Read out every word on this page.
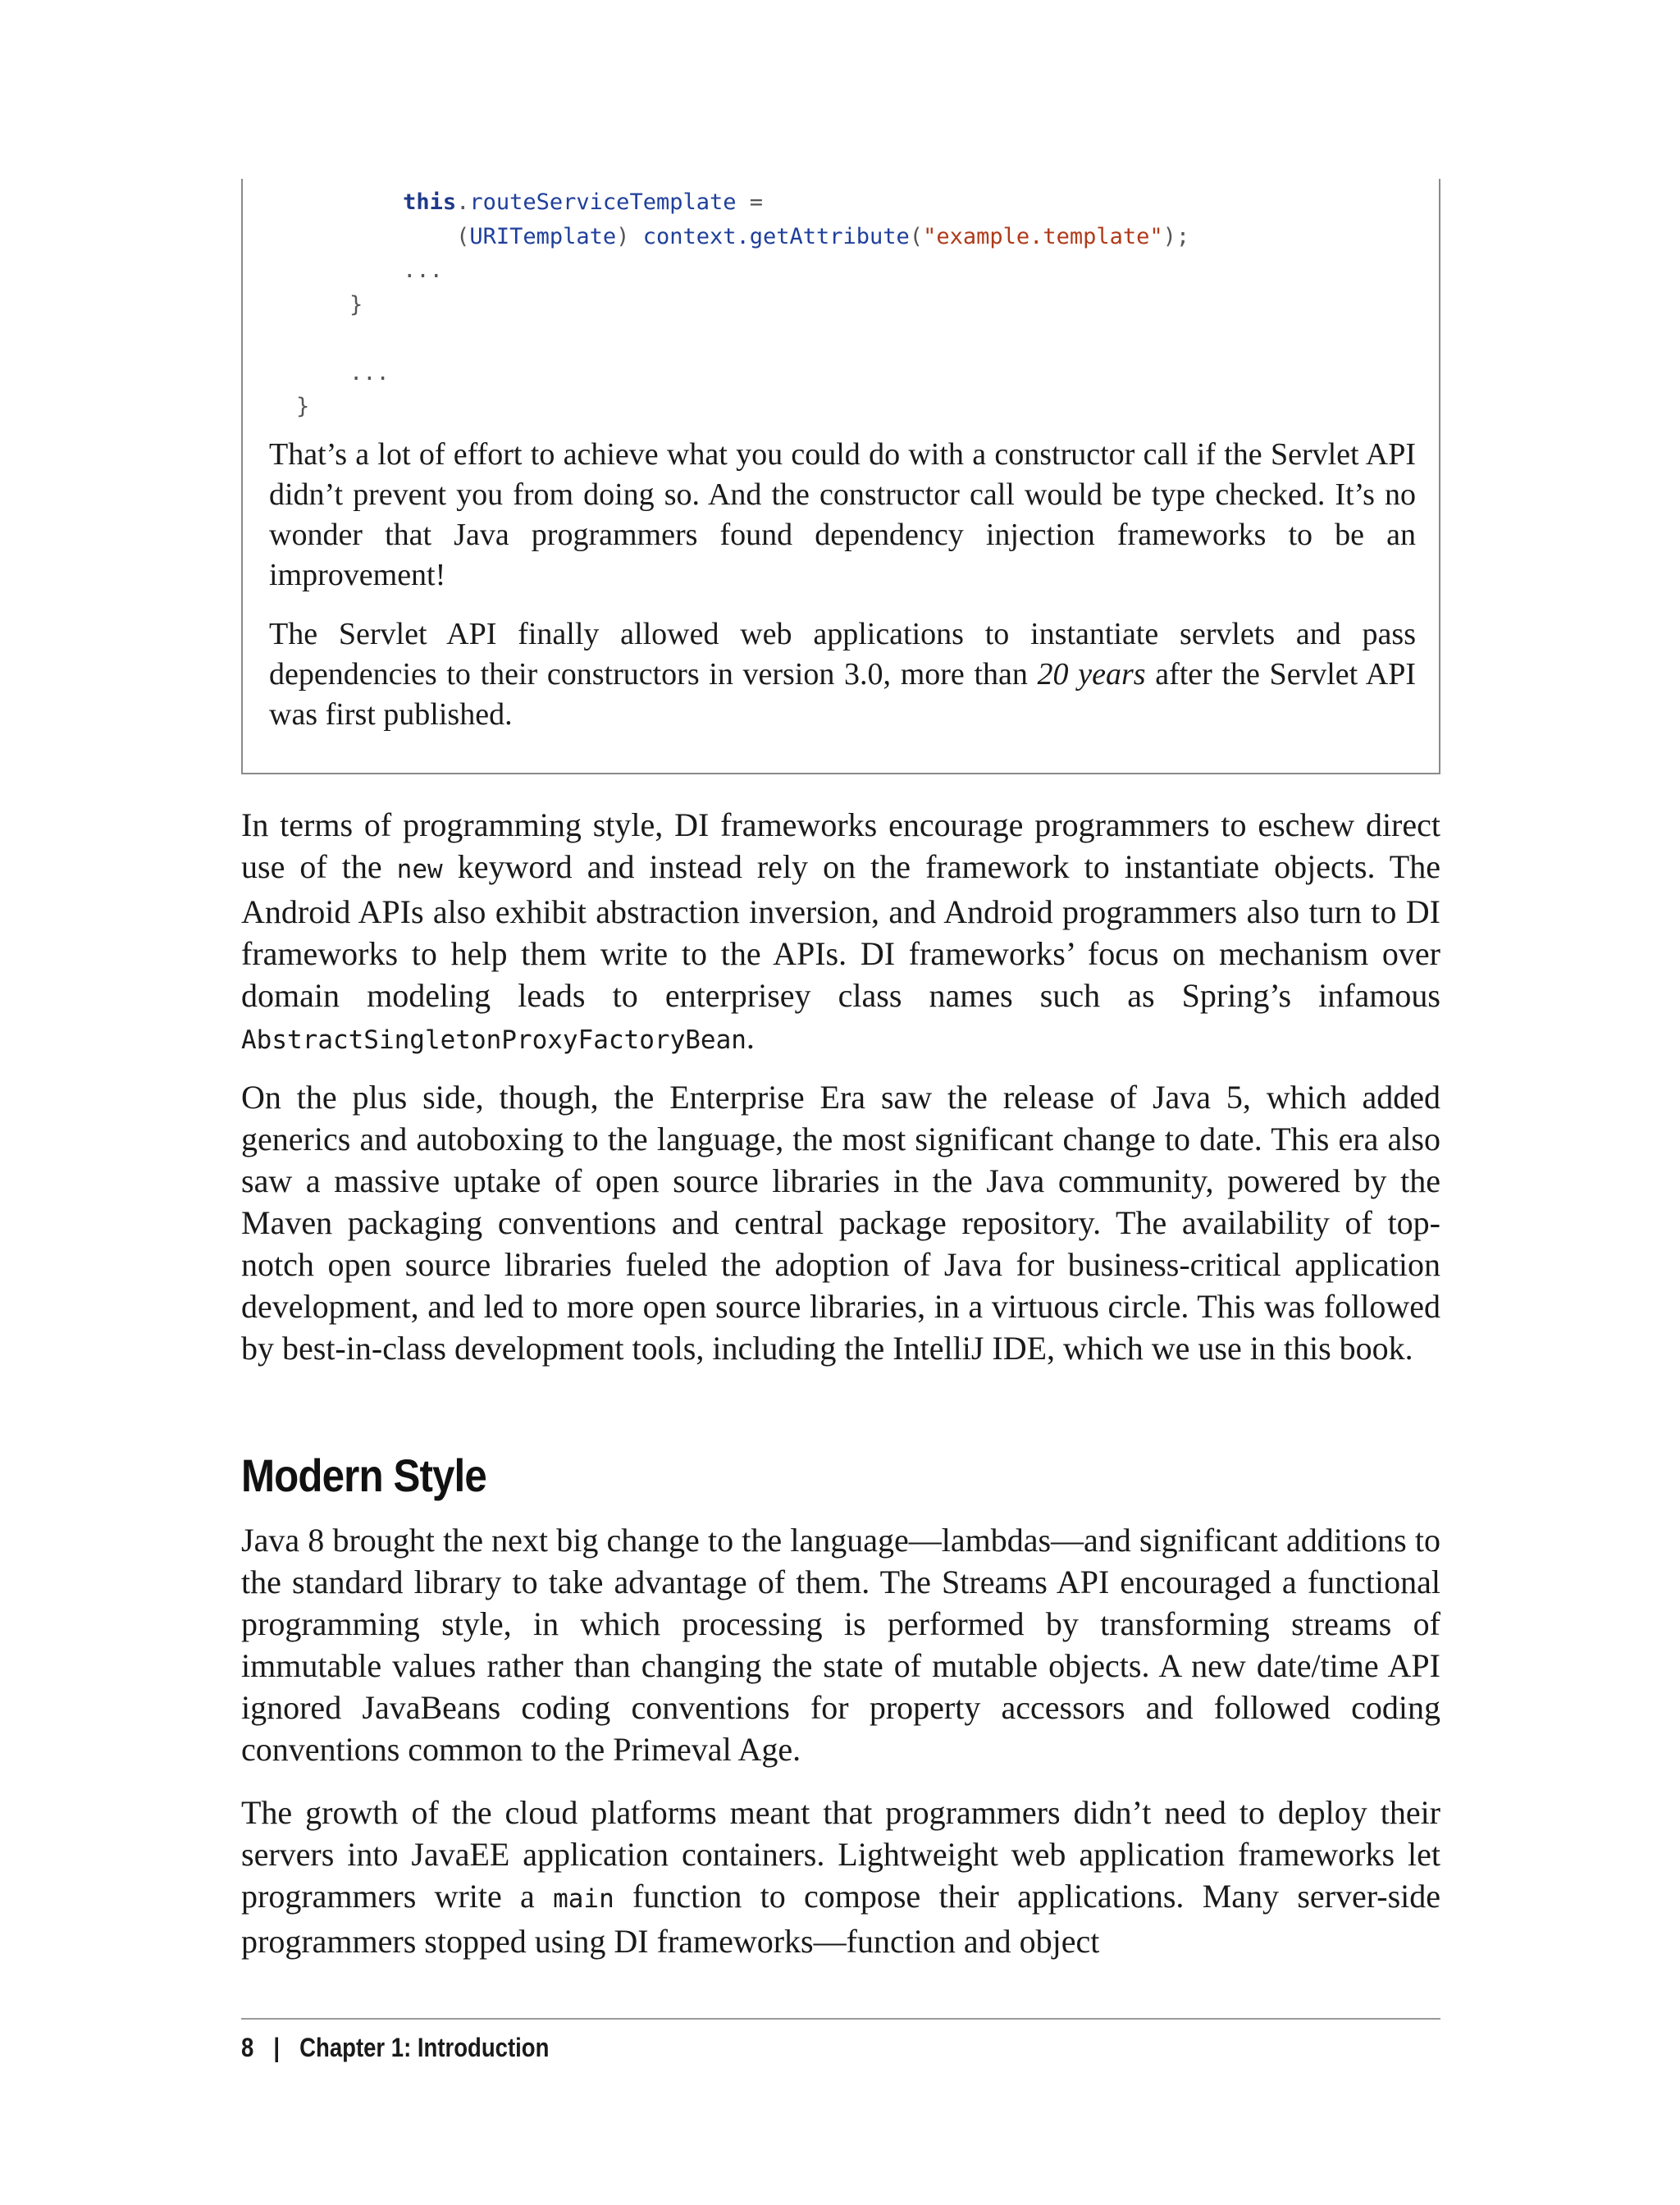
this.routeServiceTemplate =
(URITemplate) context.getAttribute("example.template");
...
}
...
}

That’s a lot of effort to achieve what you could do with a constructor call if the Servlet API didn’t prevent you from doing so. And the constructor call would be type checked. It’s no wonder that Java programmers found dependency injection frameworks to be an improvement!

The Servlet API finally allowed web applications to instantiate servlets and pass dependencies to their constructors in version 3.0, more than 20 years after the Servlet API was first published.

In terms of programming style, DI frameworks encourage programmers to eschew direct use of the new keyword and instead rely on the framework to instantiate objects. The Android APIs also exhibit abstraction inversion, and Android programmers also turn to DI frameworks to help them write to the APIs. DI frameworks’ focus on mechanism over domain modeling leads to enterprisey class names such as Spring’s infamous AbstractSingletonProxyFactoryBean.

On the plus side, though, the Enterprise Era saw the release of Java 5, which added generics and autoboxing to the language, the most significant change to date. This era also saw a massive uptake of open source libraries in the Java community, powered by the Maven packaging conventions and central package repository. The availability of top-notch open source libraries fueled the adoption of Java for business-critical application development, and led to more open source libraries, in a virtuous circle. This was followed by best-in-class development tools, including the IntelliJ IDE, which we use in this book.

Modern Style

Java 8 brought the next big change to the language—lambdas—and significant additions to the standard library to take advantage of them. The Streams API encouraged a functional programming style, in which processing is performed by transforming streams of immutable values rather than changing the state of mutable objects. A new date/time API ignored JavaBeans coding conventions for property accessors and followed coding conventions common to the Primeval Age.

The growth of the cloud platforms meant that programmers didn’t need to deploy their servers into JavaEE application containers. Lightweight web application frameworks let programmers write a main function to compose their applications. Many server-side programmers stopped using DI frameworks—function and object

8 | Chapter 1: Introduction
